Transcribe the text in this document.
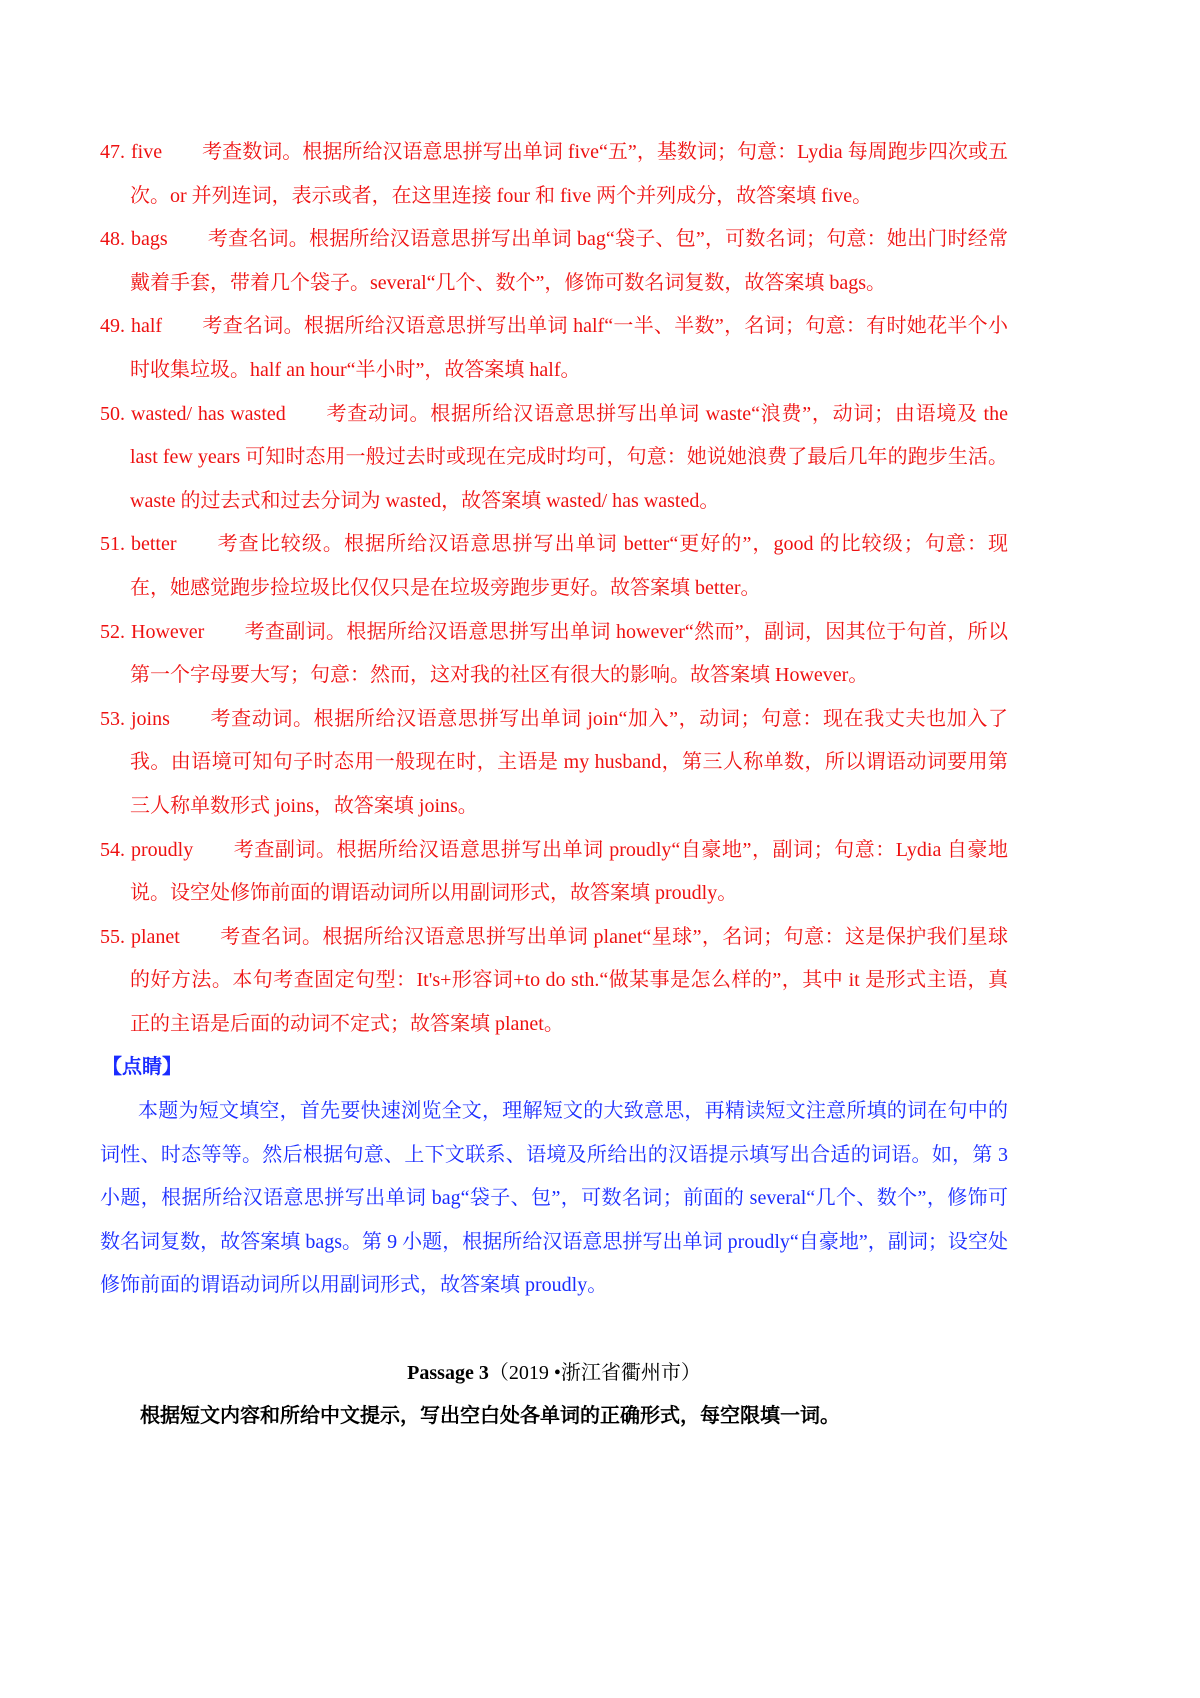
47. five 考查数词。根据所给汉语意思拼写出单词 five“五”，基数词；句意：Lydia 每周跑步四次或五次。or 并列连词，表示或者，在这里连接 four 和 five 两个并列成分，故答案填 five。
48. bags 考查名词。根据所给汉语意思拼写出单词 bag“袋子、包”，可数名词；句意：她出门时经常戴着手套，带着几个袋子。several“几个、数个”，修饰可数名词复数，故答案填 bags。
49. half 考查名词。根据所给汉语意思拼写出单词 half“一半、半数”，名词；句意：有时她花半个小时收集垃圾。half an hour“半小时”，故答案填 half。
50. wasted/ has wasted 考查动词。根据所给汉语意思拼写出单词 waste“浪费”，动词；由语境及 the last few years 可知时态用一般过去时或现在完成时均可，句意：她说她浪费了最后几年的跑步生活。waste 的过去式和过去分词为 wasted，故答案填 wasted/ has wasted。
51. better 考查比较级。根据所给汉语意思拼写出单词 better“更好的”，good 的比较级；句意：现在，她感觉跑步捡垃圾比仅仅只是在垃圾旁跑步更好。故答案填 better。
52. However 考查副词。根据所给汉语意思拼写出单词 however“然而”，副词，因其位于句首，所以第一个字母要大写；句意：然而，这对我的社区有很大的影响。故答案填 However。
53. joins 考查动词。根据所给汉语意思拼写出单词 join“加入”，动词；句意：现在我丈夫也加入了我。由语境可知句子时态用一般现在时，主语是 my husband，第三人称单数，所以谓语动词要用第三人称单数形式 joins，故答案填 joins。
54. proudly 考查副词。根据所给汉语意思拼写出单词 proudly“自豪地”，副词；句意：Lydia 自豪地说。设空处修饰前面的谓语动词所以用副词形式，故答案填 proudly。
55. planet 考查名词。根据所给汉语意思拼写出单词 planet“星球”，名词；句意：这是保护我们星球的好方法。本句考查固定句型：It's+形容词+to do sth.“做某事是怎么样的”，其中 it 是形式主语，真正的主语是后面的动词不定式；故答案填 planet。
【点睛】
本题为短文填空，首先要快速浏览全文，理解短文的大致意思，再精读短文注意所填的词在句中的词性、时态等等。然后根据句意、上下文联系、语境及所给出的汉语提示填写出合适的词语。如，第 3 小题，根据所给汉语意思拼写出单词 bag“袋子、包”，可数名词；前面的 several“几个、数个”，修饰可数名词复数，故答案填 bags。第 9 小题，根据所给汉语意思拼写出单词 proudly“自豪地”，副词；设空处修饰前面的谓语动词所以用副词形式，故答案填 proudly。
Passage 3（2019 •浙江省衢州市）
根据短文内容和所给中文提示，写出空白处各单词的正确形式，每空限填一词。
